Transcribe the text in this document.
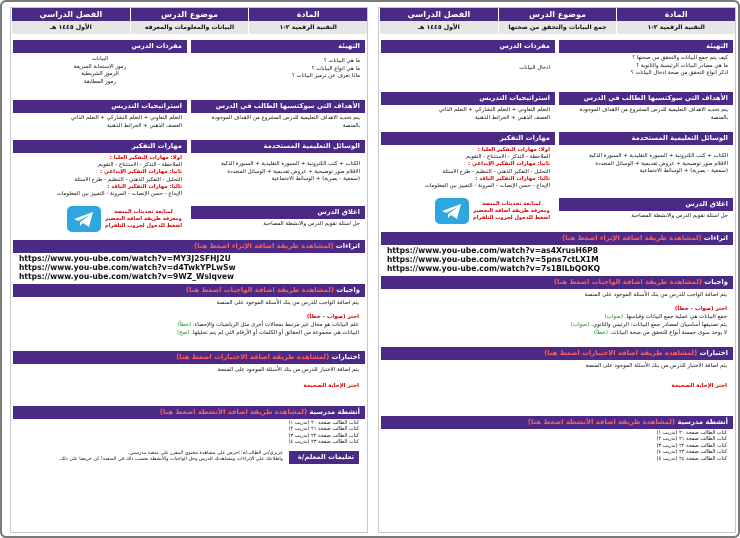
المادة
التقنية الرقمية ٢-١
موضوع الدرس
جمع البيانات والتحقق من صحتها
الفصل الدراسي
الأول ١٤٤٥ هـ
التهيئة
كيف يتم جمع البيانات والتحقق من صحتها ؟
ما هي مصادر البيانات الرئيسية والثانوية ؟
اذكر أنواع التحقق من صحة ادخال البيانات ؟
الأهداف التي سوكتسبها الطالب في الدرس
يتم تحديد الأهداف التعليمية للدرس المشروع من الأهداف الموجودة
بالمنصة
الوسائل التعليمية المستخدمة
الكتاب + كتب الكترونية + السبورة التقليدية + السبورة الذكية
الأقلام صور توضيحية + عروض تقديمية + الوسائل المتعددة
(سمعية - بصرية) + الوسائط الاجتماعية
اغلاق الدرس
حل أسئلة تقويم الدرس والأنشطة المصاحبة
مفردات الدرس
ادخال البيانات
استراتيجيات التدريس
التعلم التعاوني + التعلم التشاركي + التعلم الذاتي
العصف الذهني + الخرائط الذهنية
مهارات التفكير
أولاً: مهارات التفكير العليا :
الملاحظة - التذكر - الاستنتاج - التقويم
ثانياً: مهارات التفكير الإبداعي :
التحليل - التفكير الذهني - التنظيم - طرح الأسئلة
ثالثاً: مهارات التفكير الناقد :
الإبداع - حسن الإنصات - المرونة - التمييز بين المعلومات
لمتابعة تحديثات المنصة
ومعرفة طريقة اضافة التحضير
اضغط للدخول لجروب التلقرام
اثراءات (لمشاهدة طريقة اضافة الإثراء اضغط هنا)
https://www.you-ube.com/watch?v=as4XrusH6P8
https://www.you-ube.com/watch?v=5pns7ctLX1M
https://www.you-ube.com/watch?v=7s1BlLbQOKQ
واجبات (لمشاهدة طريقة اضافة الواجبات اضغط هنا)
يتم اضافة الواجب للدرس من بنك الأسئلة الموجود على المنصة
اختر (صواب - خطأ)
جمع البيانات هي عملية جمع البيانات وقياسها. (صواب)
يتم تصنيفها أساسيان لمصادر جمع البيانات: الرئيس والثانوي. (صواب)
لا يوجد سوى خمسة أنواع للتحقق من صحة البيانات. (خطأ)
اختبارات (لمشاهدة طريقة اضافة الاختبارات اضغط هنا)
يتم اضافة الاختبار للدرس من بنك الأسئلة الموجود على المنصة
اختر الإجابة الصحيحة
أنشطة مدرسية (لمشاهدة طريقة اضافة الأنشطة اضغط هنا)
كتاب الطالب صفحة ٢٠ (تدريب ١)
كتاب الطالب صفحة ٢١ (تدريب ٢)
كتاب الطالب صفحة ٢٢ (تدريب ٣)
كتاب الطالب صفحة ٢٣ (تدريب ٤)
كتاب الطالب صفحة ٢٤ (تدريب ٥)
المادة
التقنية الرقمية ٢-١
موضوع الدرس
البيانات والمعلومات والمعرفة
الفصل الدراسي
الأول ١٤٤٥ هـ
التهيئة
ما هي البيانات ؟
ما هي أنواع البيانات ؟
ماذا تعرف عن ترميز البيانات ؟
الأهداف التي سوكتسبها الطالب في الدرس
يتم تحديد الأهداف التعليمية للدرس المشروع من الأهداف الموجودة
بالمنصة
الوسائل التعليمية المستخدمة
الكتاب + كتب الكترونية + السبورة التقليدية + السبورة الذكية
الأقلام صور توضيحية + عروض تقديمية + الوسائل المتعددة
(سمعية - بصرية) + الوسائط الاجتماعية
اغلاق الدرس
حل أسئلة تقويم الدرس والأنشطة المصاحبة
مفردات الدرس
البيانات
رموز الاستجابة السريعة
الرموز الشريطية
رموز المطابقة
استراتيجيات التدريس
التعلم التعاوني + التعلم التشاركي + التعلم الذاتي
العصف الذهني + الخرائط الذهنية
مهارات التفكير
أولاً: مهارات التفكير العليا :
الملاحظة - التذكر - الاستنتاج - التقويم
ثانياً: مهارات التفكير الإبداعي :
التحليل - التفكير الذهني - التنظيم - طرح الأسئلة
ثالثاً: مهارات التفكير الناقد :
الإبداع - حسن الإنصات - المرونة - التمييز بين المعلومات
لمتابعة تحديثات المنصة
ومعرفة طريقة اضافة التحضير
اضغط للدخول لجروب التلقرام
اثراءات (لمشاهدة طريقة اضافة الإثراء اضغط هنا)
https://www.you-ube.com/watch?v=MY3J2SFHJ2U
https://www.you-ube.com/watch?v=d4TwkYPLwSw
https://www.you-ube.com/watch?v=9WZ_Wslqvew
واجبات (لمشاهدة طريقة اضافة الواجبات اضغط هنا)
يتم اضافة الواجب للدرس من بنك الأسئلة الموجود على المنصة
اختر (صواب - خطأ)
علم البيانات هو مجال غير مرتبط بمجالات أخرى مثل الرياضيات والإحصاء. (خطأ)
البيانات هي مجموعة من الحقائق أو الكلمات أو الأرقام التي لم يتم تحليلها. (صح)
اختبارات (لمشاهدة طريقة اضافة الاختبارات اضغط هنا)
يتم اضافة الاختبار للدرس من بنك الأسئلة الموجود على المنصة
اختر الإجابة الصحيحة
أنشطة مدرسية (لمشاهدة طريقة اضافة الأنشطة اضغط هنا)
كتاب الطالب صفحة ٢٠ (تدريب ١)
كتاب الطالب صفحة ٢١ (تدريب ٢)
كتاب الطالب صفحة ٢٢ (تدريب ٣)
كتاب الطالب صفحة ٢٣ (تدريب ٤)
تعليمات المعلم/ة
عزيزي/تي الطالب/ة: احرص على مشاهدة محتوى المقرر على منصة مدرستي.
واطلاعك على الإثراءات ومشاهدتك للدرس وحل الواجبات والأنشطة بحسب ذلك في المنصة! كن حريصا على ذلك.
